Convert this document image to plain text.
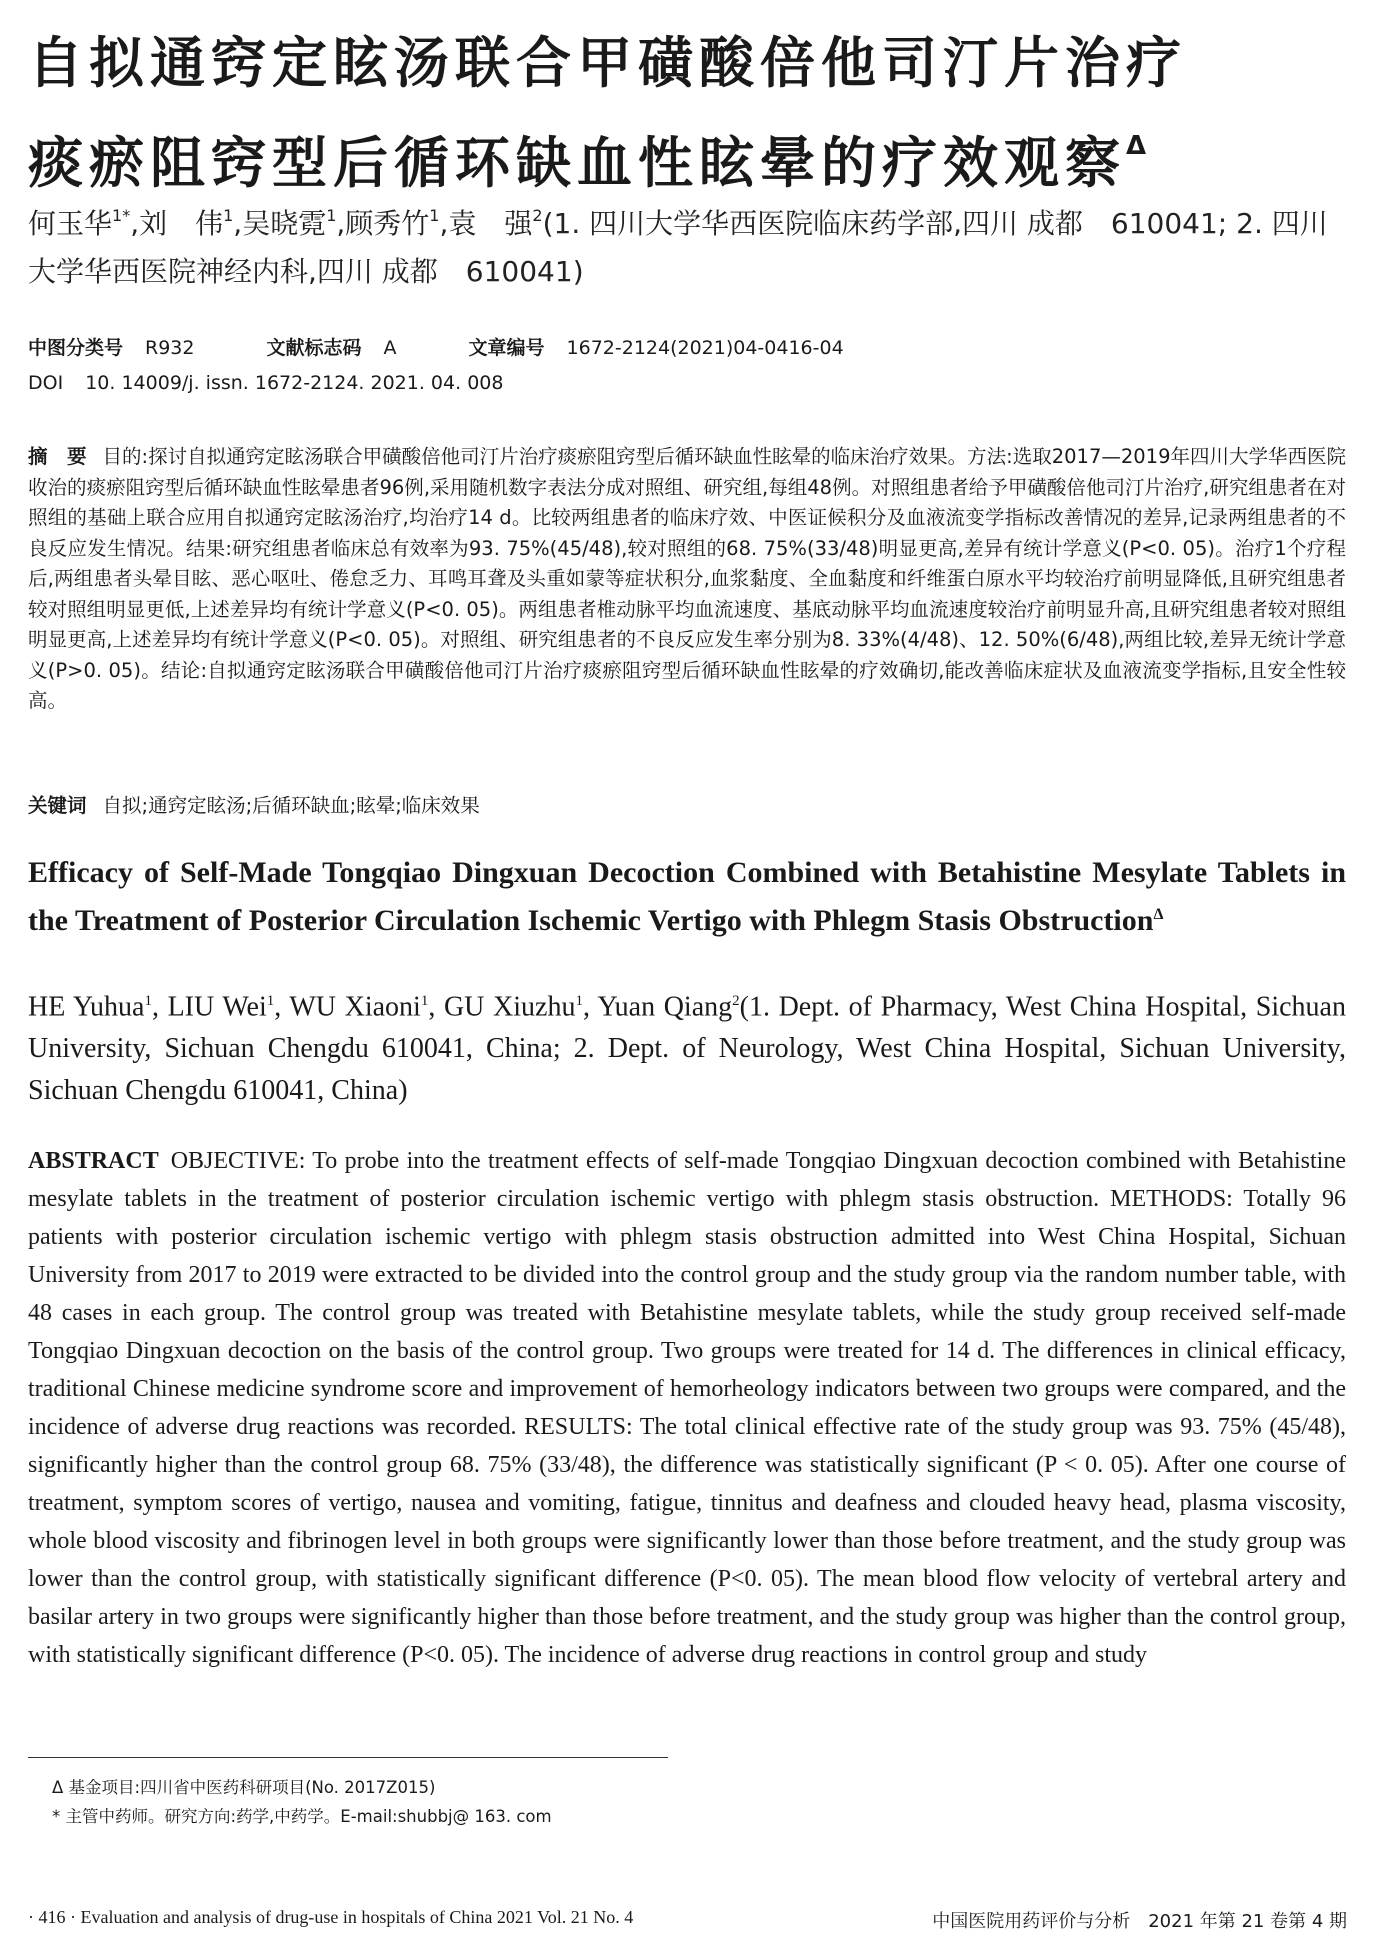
自拟通窍定眩汤联合甲磺酸倍他司汀片治疗
痰瘀阻窍型后循环缺血性眩晕的疗效观察$^\Delta$
何玉华$^{1*}$,刘　伟$^1$,吴晓霓$^1$,顾秀竹$^1$,袁　强$^2$(1. 四川大学华西医院临床药学部,四川 成都　610041; 2. 四川大学华西医院神经内科,四川 成都　610041)
中图分类号 R932	文献标志码 A	文章编号 1672-2124(2021)04-0416-04
DOI 10. 14009/j. issn. 1672-2124. 2021. 04. 008
摘　要 目的:探讨自拟通窍定眩汤联合甲磺酸倍他司汀片治疗痰瘀阻窍型后循环缺血性眩晕的临床治疗效果。方法:选取2017—2019年四川大学华西医院收治的痰瘀阻窍型后循环缺血性眩晕患者96例,采用随机数字表法分成对照组、研究组,每组48例。对照组患者给予甲磺酸倍他司汀片治疗,研究组患者在对照组的基础上联合应用自拟通窍定眩汤治疗,均治疗14 d。比较两组患者的临床疗效、中医证候积分及血液流变学指标改善情况的差异,记录两组患者的不良反应发生情况。结果:研究组患者临床总有效率为93. 75%(45/48),较对照组的68. 75%(33/48)明显更高,差异有统计学意义(P<0. 05)。治疗1个疗程后,两组患者头晕目眩、恶心呕吐、倦怠乏力、耳鸣耳聋及头重如蒙等症状积分,血浆黏度、全血黏度和纤维蛋白原水平均较治疗前明显降低,且研究组患者较对照组明显更低,上述差异均有统计学意义(P<0. 05)。两组患者椎动脉平均血流速度、基底动脉平均血流速度较治疗前明显升高,且研究组患者较对照组明显更高,上述差异均有统计学意义(P<0. 05)。对照组、研究组患者的不良反应发生率分别为8. 33%(4/48)、12. 50%(6/48),两组比较,差异无统计学意义(P>0. 05)。结论:自拟通窍定眩汤联合甲磺酸倍他司汀片治疗痰瘀阻窍型后循环缺血性眩晕的疗效确切,能改善临床症状及血液流变学指标,且安全性较高。
关键词 自拟;通窍定眩汤;后循环缺血;眩晕;临床效果
Efficacy of Self-Made Tongqiao Dingxuan Decoction Combined with Betahistine Mesylate Tablets in the Treatment of Posterior Circulation Ischemic Vertigo with Phlegm Stasis Obstruction$^\Delta$
HE Yuhua$^1$, LIU Wei$^1$, WU Xiaoni$^1$, GU Xiuzhu$^1$, Yuan Qiang$^2$(1. Dept. of Pharmacy, West China Hospital, Sichuan University, Sichuan Chengdu 610041, China; 2. Dept. of Neurology, West China Hospital, Sichuan University, Sichuan Chengdu 610041, China)
ABSTRACT OBJECTIVE: To probe into the treatment effects of self-made Tongqiao Dingxuan decoction combined with Betahistine mesylate tablets in the treatment of posterior circulation ischemic vertigo with phlegm stasis obstruction. METHODS: Totally 96 patients with posterior circulation ischemic vertigo with phlegm stasis obstruction admitted into West China Hospital, Sichuan University from 2017 to 2019 were extracted to be divided into the control group and the study group via the random number table, with 48 cases in each group. The control group was treated with Betahistine mesylate tablets, while the study group received self-made Tongqiao Dingxuan decoction on the basis of the control group. Two groups were treated for 14 d. The differences in clinical efficacy, traditional Chinese medicine syndrome score and improvement of hemorheology indicators between two groups were compared, and the incidence of adverse drug reactions was recorded. RESULTS: The total clinical effective rate of the study group was 93. 75% (45/48), significantly higher than the control group 68. 75% (33/48), the difference was statistically significant (P < 0. 05). After one course of treatment, symptom scores of vertigo, nausea and vomiting, fatigue, tinnitus and deafness and clouded heavy head, plasma viscosity, whole blood viscosity and fibrinogen level in both groups were significantly lower than those before treatment, and the study group was lower than the control group, with statistically significant difference (P<0. 05). The mean blood flow velocity of vertebral artery and basilar artery in two groups were significantly higher than those before treatment, and the study group was higher than the control group, with statistically significant difference (P<0. 05). The incidence of adverse drug reactions in control group and study
Δ 基金项目:四川省中医药科研项目(No. 2017Z015)
* 主管中药师。研究方向:药学,中药学。E-mail:shubbj@ 163. com
· 416 · Evaluation and analysis of drug-use in hospitals of China 2021 Vol. 21 No. 4	中国医院用药评价与分析　2021 年第 21 卷第 4 期
